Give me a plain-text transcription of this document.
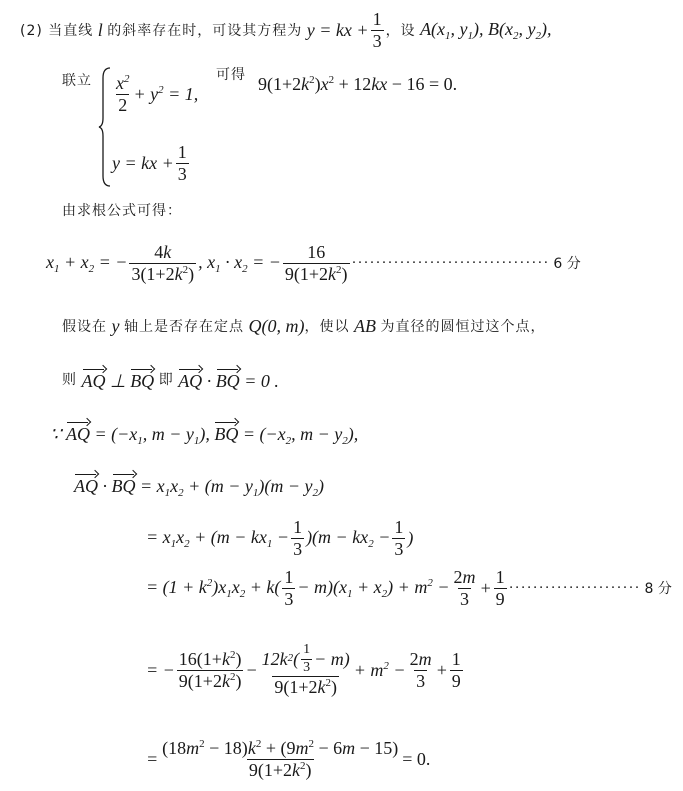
(2) 当直线 l 的斜率存在时，可设其方程为 y = kx + $\frac{1}{3}$ ，设 $A(x_1$, $y_1$), $B(x_2$, $y_2$),
联立 $\frac{x^2}{2} + y^2 = 1$,
y = kx + $\frac{1}{3}$
可得 $9(1+2k^2)x^2 + 12kx - 16 = 0$.
由求根公式可得：
$x_1 + x_2$ = − $\frac{4k}{3(1+2k^2)}$ , $x_1 \cdot x_2$ = − $\frac{16}{9(1+2k^2)}$ ································· 6 分
假设在 y 轴上是否存在定点 Q(0, m) ，使以 AB 为直径的圆恒过这个点，
则 AQ ⊥ BQ 即 AQ · BQ = 0 .
∵ AQ = ($-x_1$, $m - y_1$), BQ = ($-x_2$, $m - y_2$),
AQ · BQ = $x_1x_2 + (m - y_1)(m - y_2)$
= $x_1x_2 + (m - kx_1 - \frac{1}{3} )(m - kx_2 - \frac{1}{3}$ )
= $(1 + k^2)x_1x_2 + k( \frac{1}{3} - m)(x_1 + x_2) + m^2 - \frac{2m}{3} + \frac{1}{9}$ ······················ 8 分
= − $\frac{16(1+k^2)}{9(1+2k^2)} - \frac{12k 2 ( \frac{1}{3} - m)}{9(1+2k^2)} + m^2 - \frac{2m}{3} + \frac{1}{9}$
= $\frac{(18m^2 - 18)k^2 + (9m^2 - 6m - 15)}{9(1+2k^2)} = 0$.
